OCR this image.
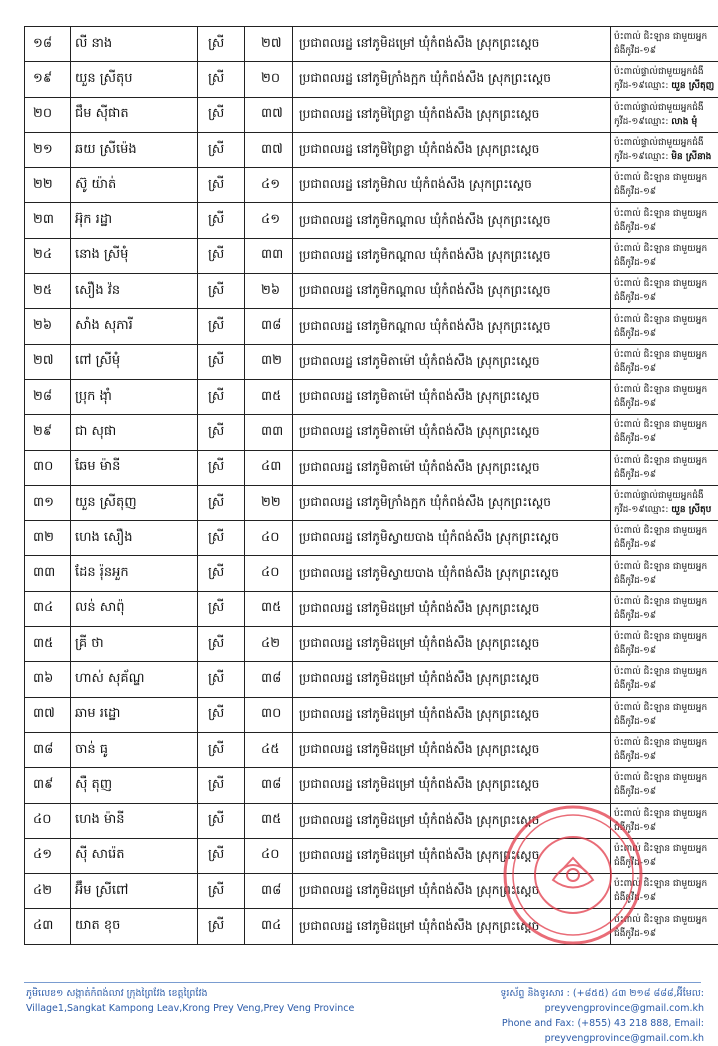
១៨	លី នាង	ស្រី	២៧	ប្រជាពលរដ្ឋ នៅភូមិដម្រៅ ឃុំកំពង់សឹង ស្រុកព្រះស្តេច	ប៉ះពាល់ ជិះឡាន ជាមួយអ្នក ជំងឺកូវីដ-១៩
១៩	យួន ស្រីតុប	ស្រី	២០	ប្រជាពលរដ្ឋ នៅភូមិក្រាំងក្អក ឃុំកំពង់សឹង ស្រុកព្រះស្តេច	ប៉ះពាល់ផ្ទាល់ជាមួយអ្នកជំងឺ កូវីដ-១៩ឈ្មោះ: យួន ស្រីតុញ
២០	ជឹម ស៊ីផាត	ស្រី	៣៧	ប្រជាពលរដ្ឋ នៅភូមិព្រៃខ្លា ឃុំកំពង់សឹង ស្រុកព្រះស្តេច	ប៉ះពាល់ផ្ទាល់ជាមួយអ្នកជំងឺ កូវីដ-១៩ឈ្មោះ: លាង មុំ
២១	ឆយ ស្រីម៉េង	ស្រី	៣៧	ប្រជាពលរដ្ឋ នៅភូមិព្រៃខ្លា ឃុំកំពង់សឹង ស្រុកព្រះស្តេច	ប៉ះពាល់ផ្ទាល់ជាមួយអ្នកជំងឺ កូវីដ-១៩ឈ្មោះ: មិន ស្រីនាង
២២	ស៊ូ យ៉ាត់	ស្រី	៤១	ប្រជាពលរដ្ឋ នៅភូមិវាល ឃុំកំពង់សឹង ស្រុកព្រះស្តេច	ប៉ះពាល់ ជិះឡាន ជាមួយអ្នក ជំងឺកូវីដ-១៩
២៣	អ៊ុក រដ្ឋា	ស្រី	៤១	ប្រជាពលរដ្ឋ នៅភូមិកណ្តាល ឃុំកំពង់សឹង ស្រុកព្រះស្តេច	ប៉ះពាល់ ជិះឡាន ជាមួយអ្នក ជំងឺកូវីដ-១៩
២៤	នោង ស្រីមុំ	ស្រី	៣៣	ប្រជាពលរដ្ឋ នៅភូមិកណ្តាល ឃុំកំពង់សឹង ស្រុកព្រះស្តេច	ប៉ះពាល់ ជិះឡាន ជាមួយអ្នក ជំងឺកូវីដ-១៩
២៥	សឿង វ៉ន	ស្រី	២៦	ប្រជាពលរដ្ឋ នៅភូមិកណ្តាល ឃុំកំពង់សឹង ស្រុកព្រះស្តេច	ប៉ះពាល់ ជិះឡាន ជាមួយអ្នក ជំងឺកូវីដ-១៩
២៦	សាំង សុភារី	ស្រី	៣៨	ប្រជាពលរដ្ឋ នៅភូមិកណ្តាល ឃុំកំពង់សឹង ស្រុកព្រះស្តេច	ប៉ះពាល់ ជិះឡាន ជាមួយអ្នក ជំងឺកូវីដ-១៩
២៧	ពៅ ស្រីមុំ	ស្រី	៣២	ប្រជាពលរដ្ឋ នៅភូមិតាម៉ៅ ឃុំកំពង់សឹង ស្រុកព្រះស្តេច	ប៉ះពាល់ ជិះឡាន ជាមួយអ្នក ជំងឺកូវីដ-១៩
២៨	ប្រុក ងុាំ	ស្រី	៣៥	ប្រជាពលរដ្ឋ នៅភូមិតាម៉ៅ ឃុំកំពង់សឹង ស្រុកព្រះស្តេច	ប៉ះពាល់ ជិះឡាន ជាមួយអ្នក ជំងឺកូវីដ-១៩
២៩	ជា សុផា	ស្រី	៣៣	ប្រជាពលរដ្ឋ នៅភូមិតាម៉ៅ ឃុំកំពង់សឹង ស្រុកព្រះស្តេច	ប៉ះពាល់ ជិះឡាន ជាមួយអ្នក ជំងឺកូវីដ-១៩
៣០	ឆែម ម៉ានី	ស្រី	៤៣	ប្រជាពលរដ្ឋ នៅភូមិតាម៉ៅ ឃុំកំពង់សឹង ស្រុកព្រះស្តេច	ប៉ះពាល់ ជិះឡាន ជាមួយអ្នក ជំងឺកូវីដ-១៩
៣១	យួន ស្រីតុញ	ស្រី	២២	ប្រជាពលរដ្ឋ នៅភូមិក្រាំងក្អក ឃុំកំពង់សឹង ស្រុកព្រះស្តេច	ប៉ះពាល់ផ្ទាល់ជាមួយអ្នកជំងឺ កូវីដ-១៩ឈ្មោះ: យួន ស្រីតុប
៣២	ហេង សឿង	ស្រី	៤០	ប្រជាពលរដ្ឋ នៅភូមិស្វាយបាង ឃុំកំពង់សឹង ស្រុកព្រះស្តេច	ប៉ះពាល់ ជិះឡាន ជាមួយអ្នក ជំងឺកូវីដ-១៩
៣៣	ដែន រ៉ុនអួក	ស្រី	៤០	ប្រជាពលរដ្ឋ នៅភូមិស្វាយបាង ឃុំកំពង់សឹង ស្រុកព្រះស្តេច	ប៉ះពាល់ ជិះឡាន ជាមួយអ្នក ជំងឺកូវីដ-១៩
៣៤	លន់ សាព៉ុ	ស្រី	៣៥	ប្រជាពលរដ្ឋ នៅភូមិដម្រៅ ឃុំកំពង់សឹង ស្រុកព្រះស្តេច	ប៉ះពាល់ ជិះឡាន ជាមួយអ្នក ជំងឺកូវីដ-១៩
៣៥	គ្រី ថា	ស្រី	៤២	ប្រជាពលរដ្ឋ នៅភូមិដម្រៅ ឃុំកំពង់សឹង ស្រុកព្រះស្តេច	ប៉ះពាល់ ជិះឡាន ជាមួយអ្នក ជំងឺកូវីដ-១៩
៣៦	ហាស់ សុគ័ណ្ឌ	ស្រី	៣៨	ប្រជាពលរដ្ឋ នៅភូមិដម្រៅ ឃុំកំពង់សឹង ស្រុកព្រះស្តេច	ប៉ះពាល់ ជិះឡាន ជាមួយអ្នក ជំងឺកូវីដ-១៩
៣៧	ឆាម រដ្ឋោ	ស្រី	៣០	ប្រជាពលរដ្ឋ នៅភូមិដម្រៅ ឃុំកំពង់សឹង ស្រុកព្រះស្តេច	ប៉ះពាល់ ជិះឡាន ជាមួយអ្នក ជំងឺកូវីដ-១៩
៣៨	ចាន់ ធូ	ស្រី	៤៥	ប្រជាពលរដ្ឋ នៅភូមិដម្រៅ ឃុំកំពង់សឹង ស្រុកព្រះស្តេច	ប៉ះពាល់ ជិះឡាន ជាមួយអ្នក ជំងឺកូវីដ-១៩
៣៩	ស៊ឺ តុញ	ស្រី	៣៨	ប្រជាពលរដ្ឋ នៅភូមិដម្រៅ ឃុំកំពង់សឹង ស្រុកព្រះស្តេច	ប៉ះពាល់ ជិះឡាន ជាមួយអ្នក ជំងឺកូវីដ-១៩
៤០	ហេង ម៉ានី	ស្រី	៣៥	ប្រជាពលរដ្ឋ នៅភូមិដម្រៅ ឃុំកំពង់សឹង ស្រុកព្រះស្តេច	ប៉ះពាល់ ជិះឡាន ជាមួយអ្នក ជំងឺកូវីដ-១៩
៤១	ស៊ី សារ៉េត	ស្រី	៤០	ប្រជាពលរដ្ឋ នៅភូមិដម្រៅ ឃុំកំពង់សឹង ស្រុកព្រះស្តេច	ប៉ះពាល់ ជិះឡាន ជាមួយអ្នក ជំងឺកូវីដ-១៩
៤២	អ៊ឹម ស្រីពៅ	ស្រី	៣៨	ប្រជាពលរដ្ឋ នៅភូមិដម្រៅ ឃុំកំពង់សឹង ស្រុកព្រះស្តេច	ប៉ះពាល់ ជិះឡាន ជាមួយអ្នក ជំងឺកូវីដ-១៩
៤៣	យាត ខុច	ស្រី	៣៤	ប្រជាពលរដ្ឋ នៅភូមិដម្រៅ ឃុំកំពង់សឹង ស្រុកព្រះស្តេច	ប៉ះពាល់ ជិះឡាន ជាមួយអ្នក ជំងឺកូវីដ-១៩
ភូមិលេខ១ សង្កាត់កំពង់លាវ ក្រុងព្រៃវែង ខេត្តព្រៃវែង
Village1,Sangkat Kampong Leav,Krong Prey Veng,Prey Veng Province
ទូរស័ព្ទ និងទូរសារ : (+៨៥៥) ៤៣ ២១៨ ៨៨៨,អ៊ីមែល: preyvengprovince@gmail.com.kh
Phone and Fax: (+855) 43 218 888, Email: preyvengprovince@gmail.com.kh
